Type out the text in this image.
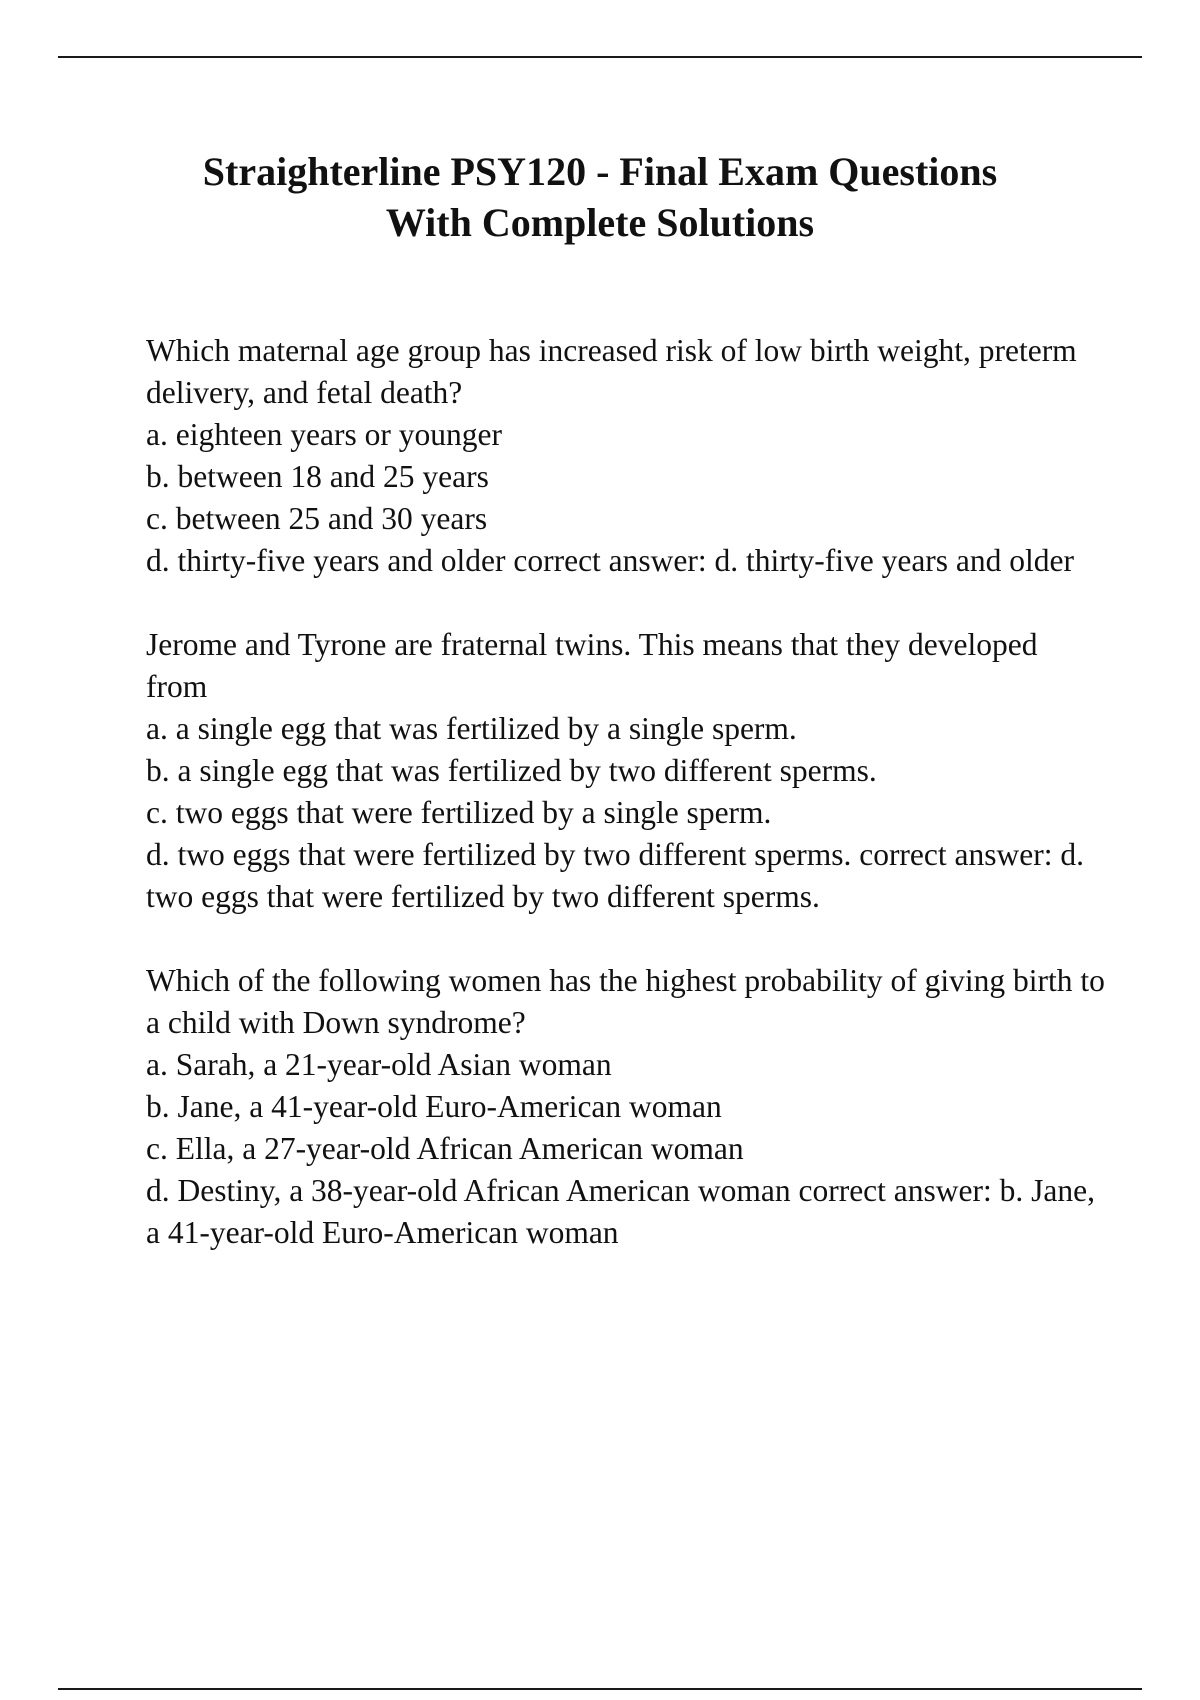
Straighterline PSY120 - Final Exam Questions
With Complete Solutions

Which maternal age group has increased risk of low birth weight, preterm delivery, and fetal death?

a. eighteen years or younger

b. between 18 and 25 years

c. between 25 and 30 years

d. thirty-five years and older correct answer: d. thirty-five years and older

Jerome and Tyrone are fraternal twins. This means that they developed from

a. a single egg that was fertilized by a single sperm.

b. a single egg that was fertilized by two different sperms.

c. two eggs that were fertilized by a single sperm.

d. two eggs that were fertilized by two different sperms. correct answer: d. two eggs that were fertilized by two different sperms.

Which of the following women has the highest probability of giving birth to a child with Down syndrome?

a. Sarah, a 21-year-old Asian woman

b. Jane, a 41-year-old Euro-American woman

c. Ella, a 27-year-old African American woman

d. Destiny, a 38-year-old African American woman correct answer: b. Jane, a 41-year-old Euro-American woman
